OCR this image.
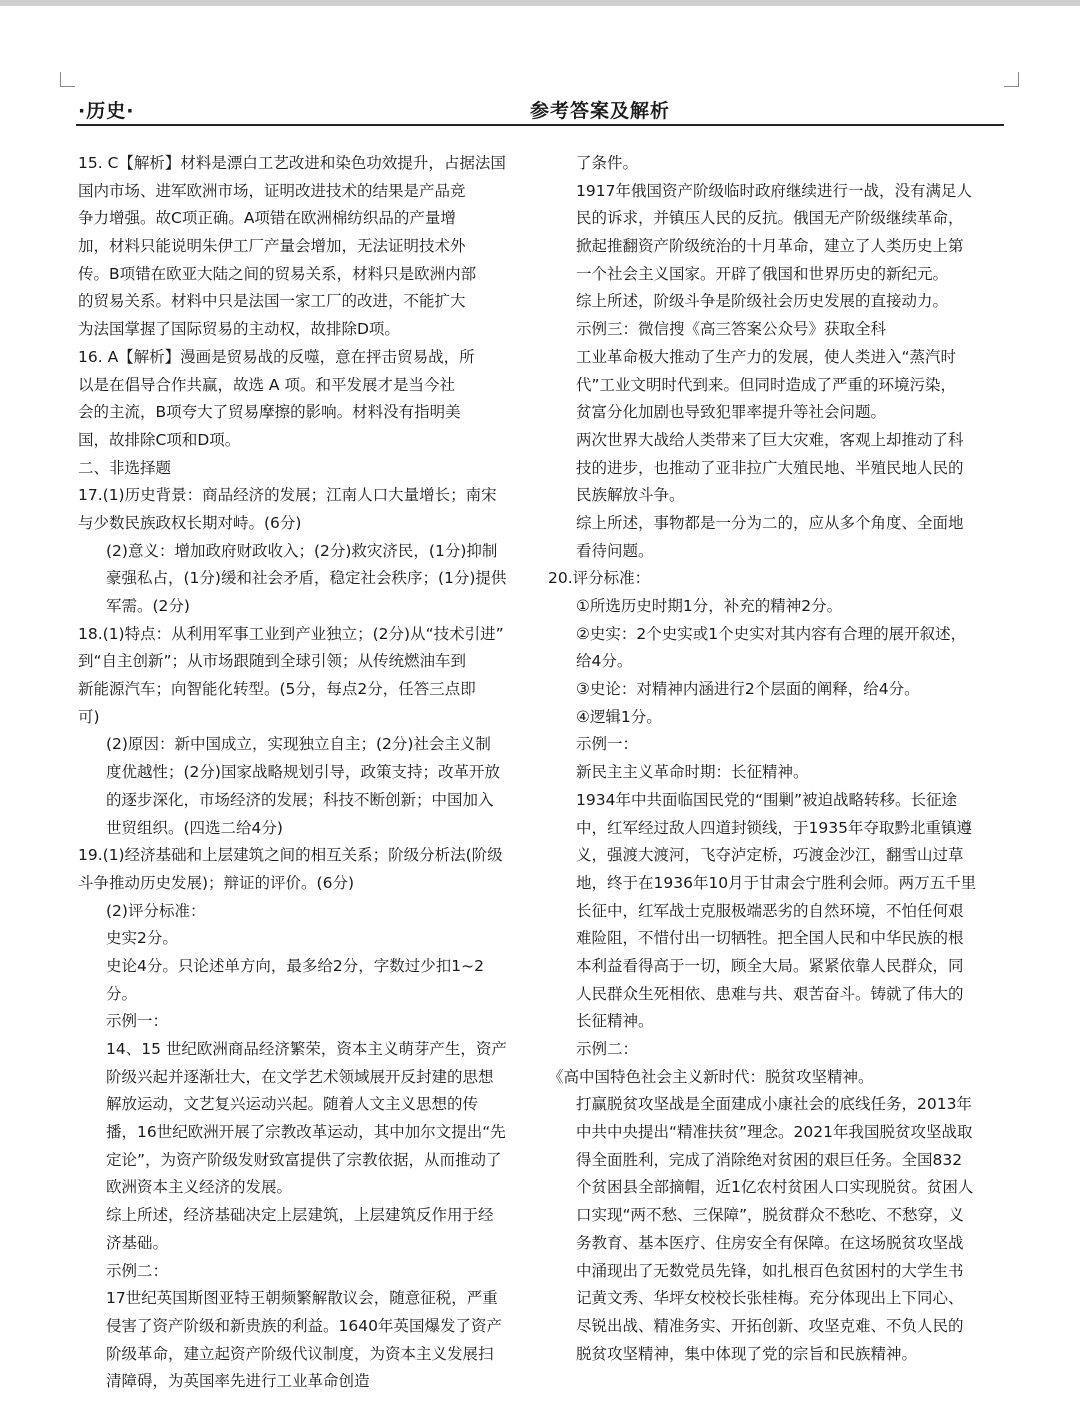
·历史·	参考答案及解析
15. C【解析】材料是漂白工艺改进和染色功效提升，占据法国
国内市场、进军欧洲市场，证明改进技术的结果是产品竞
争力增强。故C项正确。A项错在欧洲棉纺织品的产量增
加，材料只能说明朱伊工厂产量会增加，无法证明技术外
传。B项错在欧亚大陆之间的贸易关系，材料只是欧洲内部
的贸易关系。材料中只是法国一家工厂的改进，不能扩大
为法国掌握了国际贸易的主动权，故排除D项。
16. A【解析】漫画是贸易战的反噬，意在抨击贸易战，所
以是在倡导合作共赢，故选 A 项。和平发展才是当今社
会的主流，B项夸大了贸易摩擦的影响。材料没有指明美
国，故排除C项和D项。
二、非选择题
17.(1)历史背景：商品经济的发展；江南人口大量增长；南宋
与少数民族政权长期对峙。(6分)
(2)意义：增加政府财政收入；(2分)救灾济民，(1分)抑制
豪强私占，(1分)缓和社会矛盾，稳定社会秩序；(1分)提供
军需。(2分)
18.(1)特点：从利用军事工业到产业独立；(2分)从“技术引进”
到“自主创新”；从市场跟随到全球引领；从传统燃油车到
新能源汽车；向智能化转型。(5分，每点2分，任答三点即
可)
(2)原因：新中国成立，实现独立自主；(2分)社会主义制
度优越性；(2分)国家战略规划引导，政策支持；改革开放
的逐步深化，市场经济的发展；科技不断创新；中国加入
世贸组织。(四选二给4分)
19.(1)经济基础和上层建筑之间的相互关系；阶级分析法(阶级
斗争推动历史发展)；辩证的评价。(6分)
(2)评分标准：
史实2分。
史论4分。只论述单方向，最多给2分，字数过少扣1~2
分。
示例一：
14、15 世纪欧洲商品经济繁荣，资本主义萌芽产生，资产
阶级兴起并逐渐壮大，在文学艺术领域展开反封建的思想
解放运动，文艺复兴运动兴起。随着人文主义思想的传
播，16世纪欧洲开展了宗教改革运动，其中加尔文提出“先
定论”，为资产阶级发财致富提供了宗教依据，从而推动了
欧洲资本主义经济的发展。
综上所述，经济基础决定上层建筑，上层建筑反作用于经
济基础。
示例二：
17世纪英国斯图亚特王朝频繁解散议会，随意征税，严重
侵害了资产阶级和新贵族的利益。1640年英国爆发了资产
阶级革命，建立起资产阶级代议制度，为资本主义发展扫
清障碍，为英国率先进行工业革命创造
了条件。
1917年俄国资产阶级临时政府继续进行一战，没有满足人
民的诉求，并镇压人民的反抗。俄国无产阶级继续革命，
掀起推翻资产阶级统治的十月革命，建立了人类历史上第
一个社会主义国家。开辟了俄国和世界历史的新纪元。
综上所述，阶级斗争是阶级社会历史发展的直接动力。
示例三：微信搜《高三答案公众号》获取全科
工业革命极大推动了生产力的发展，使人类进入“蒸汽时
代”工业文明时代到来。但同时造成了严重的环境污染，
贫富分化加剧也导致犯罪率提升等社会问题。
两次世界大战给人类带来了巨大灾难，客观上却推动了科
技的进步，也推动了亚非拉广大殖民地、半殖民地人民的
民族解放斗争。
综上所述，事物都是一分为二的，应从多个角度、全面地
看待问题。
20.评分标准：
①所选历史时期1分，补充的精神2分。
②史实：2个史实或1个史实对其内容有合理的展开叙述，
给4分。
③史论：对精神内涵进行2个层面的阐释，给4分。
④逻辑1分。
示例一：
新民主主义革命时期：长征精神。
1934年中共面临国民党的“围剿”被迫战略转移。长征途
中，红军经过敌人四道封锁线，于1935年夺取黔北重镇遵
义，强渡大渡河，飞夺泸定桥，巧渡金沙江，翻雪山过草
地，终于在1936年10月于甘肃会宁胜利会师。两万五千里
长征中，红军战士克服极端恶劣的自然环境，不怕任何艰
难险阻，不惜付出一切牺牲。把全国人民和中华民族的根
本利益看得高于一切，顾全大局。紧紧依靠人民群众，同
人民群众生死相依、患难与共、艰苦奋斗。铸就了伟大的
长征精神。
示例二：
《高中国特色社会主义新时代：脱贫攻坚精神。
打赢脱贫攻坚战是全面建成小康社会的底线任务，2013年
中共中央提出“精准扶贫”理念。2021年我国脱贫攻坚战取
得全面胜利，完成了消除绝对贫困的艰巨任务。全国832
个贫困县全部摘帽，近1亿农村贫困人口实现脱贫。贫困人
口实现“两不愁、三保障”，脱贫群众不愁吃、不愁穿，义
务教育、基本医疗、住房安全有保障。在这场脱贫攻坚战
中涌现出了无数党员先锋，如扎根百色贫困村的大学生书
记黄文秀、华坪女校校长张桂梅。充分体现出上下同心、
尽锐出战、精准务实、开拓创新、攻坚克难、不负人民的
脱贫攻坚精神，集中体现了党的宗旨和民族精神。
